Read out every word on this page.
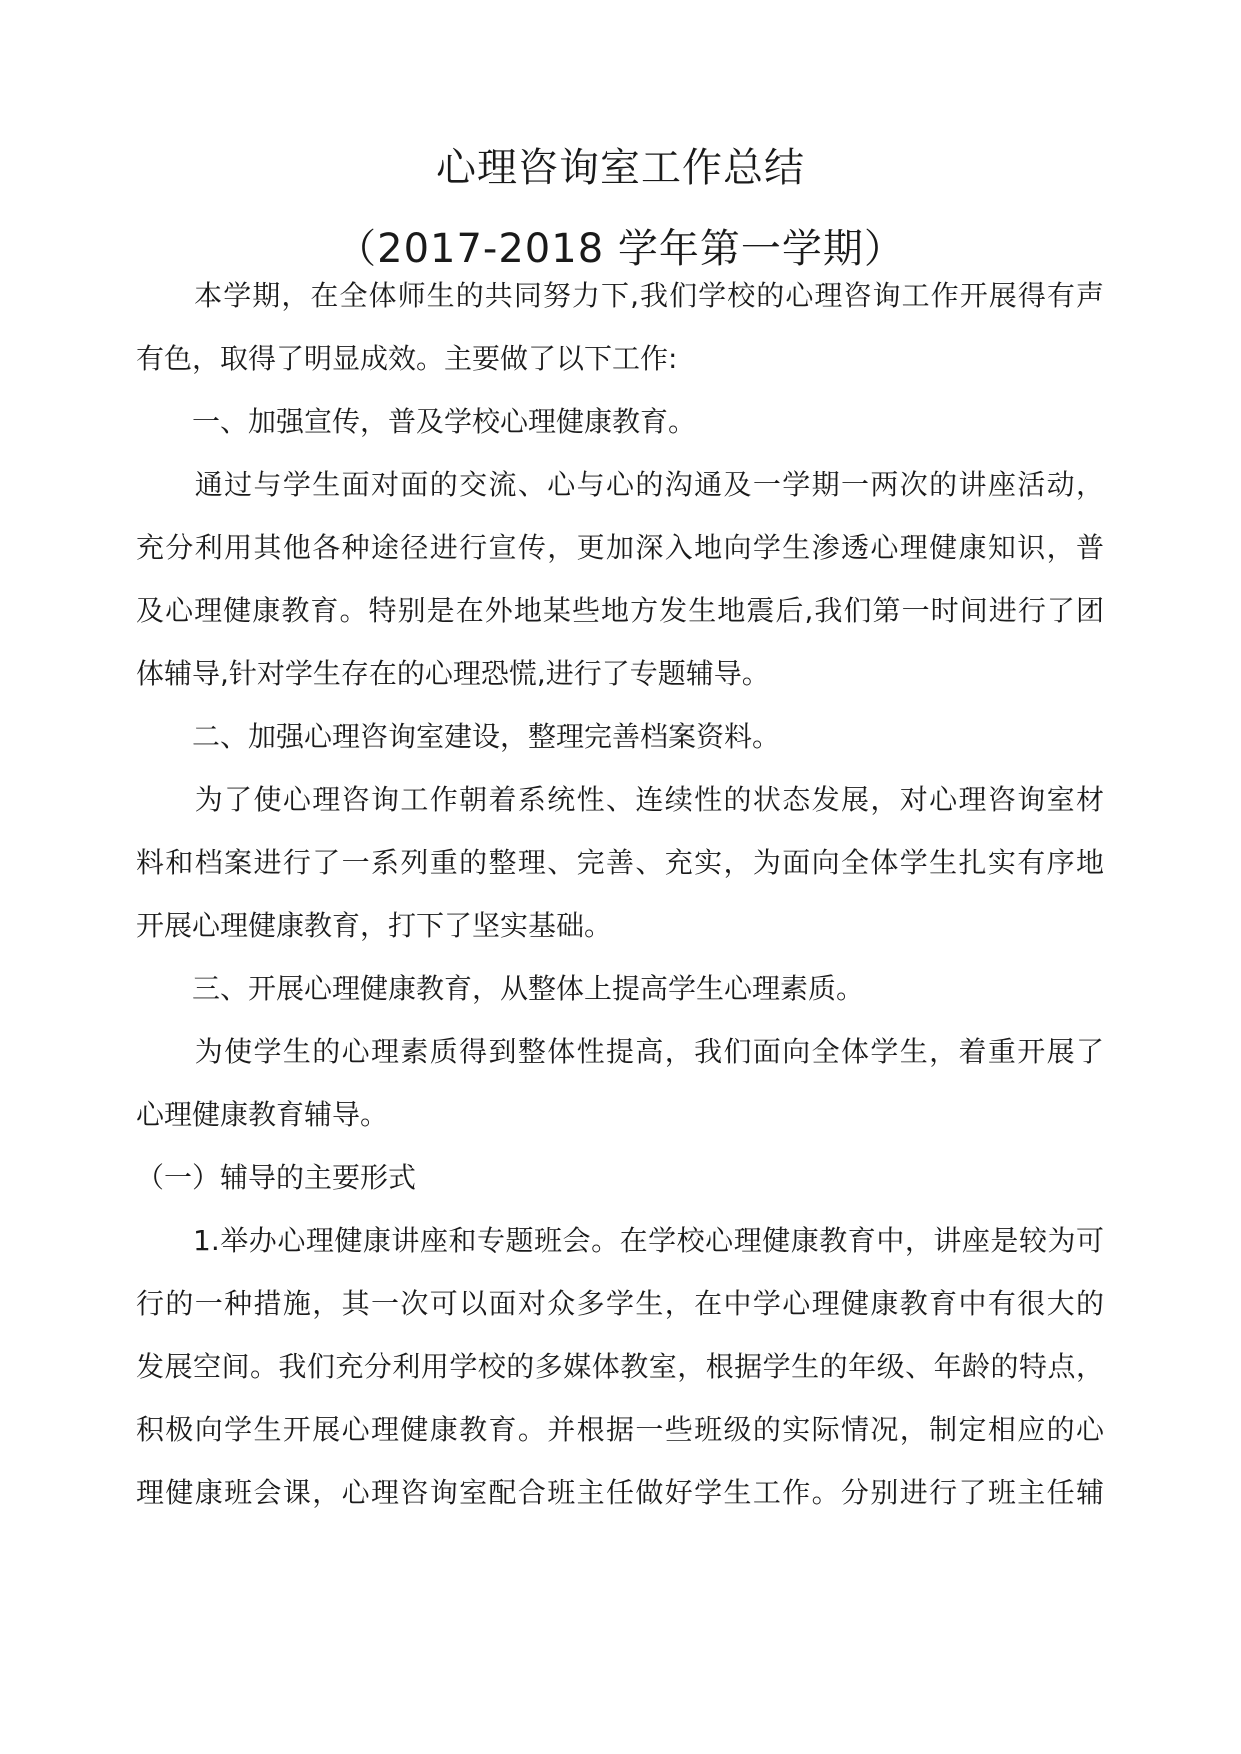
心理咨询室工作总结
（2017-2018 学年第一学期）
　　本学期，在全体师生的共同努力下,我们学校的心理咨询工作开展得有声
有色，取得了明显成效。主要做了以下工作:
　　一、加强宣传，普及学校心理健康教育。
　　通过与学生面对面的交流、心与心的沟通及一学期一两次的讲座活动，
充分利用其他各种途径进行宣传，更加深入地向学生渗透心理健康知识，普
及心理健康教育。特别是在外地某些地方发生地震后,我们第一时间进行了团
体辅导,针对学生存在的心理恐慌,进行了专题辅导。
　　二、加强心理咨询室建设，整理完善档案资料。
　　为了使心理咨询工作朝着系统性、连续性的状态发展，对心理咨询室材
料和档案进行了一系列重的整理、完善、充实，为面向全体学生扎实有序地
开展心理健康教育，打下了坚实基础。
　　三、开展心理健康教育，从整体上提高学生心理素质。
　　为使学生的心理素质得到整体性提高，我们面向全体学生，着重开展了
心理健康教育辅导。
（一）辅导的主要形式
　　1.举办心理健康讲座和专题班会。在学校心理健康教育中，讲座是较为可
行的一种措施，其一次可以面对众多学生，在中学心理健康教育中有很大的
发展空间。我们充分利用学校的多媒体教室，根据学生的年级、年龄的特点，
积极向学生开展心理健康教育。并根据一些班级的实际情况，制定相应的心
理健康班会课，心理咨询室配合班主任做好学生工作。分别进行了班主任辅
